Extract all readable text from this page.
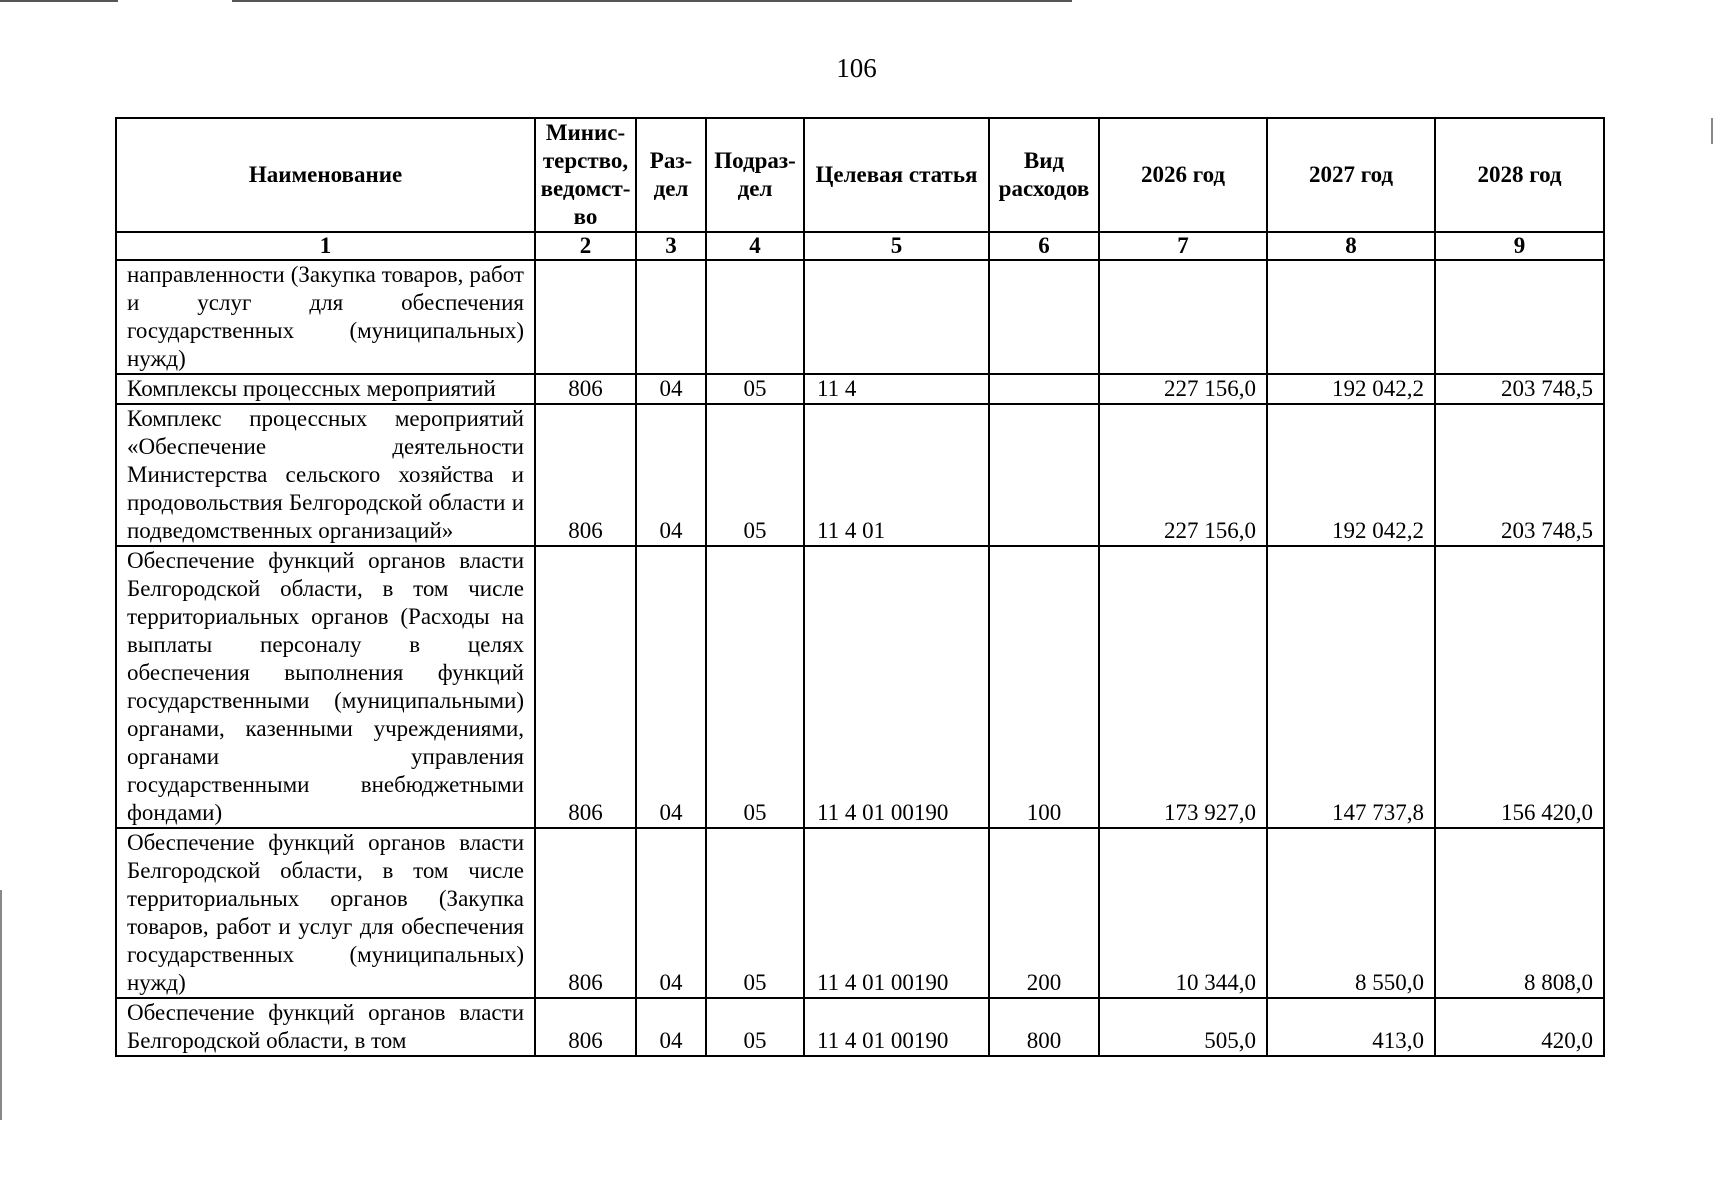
106
Наименование	Минис-терство, ведомст-во	Раз-дел	Подраз-дел	Целевая статья	Вид расходов	2026 год	2027 год	2028 год
1	2	3	4	5	6	7	8	9
направленности (Закупка товаров, работ и услуг для обеспечения государственных (муниципальных) нужд)								
Комплексы процессных мероприятий	806	04	05	11 4		227 156,0	192 042,2	203 748,5
Комплекс процессных мероприятий «Обеспечение деятельности Министерства сельского хозяйства и продовольствия Белгородской области и подведомственных организаций»	806	04	05	11 4 01		227 156,0	192 042,2	203 748,5
Обеспечение функций органов власти Белгородской области, в том числе территориальных органов (Расходы на выплаты персоналу в целях обеспечения выполнения функций государственными (муниципальными) органами, казенными учреждениями, органами управления государственными внебюджетными фондами)	806	04	05	11 4 01 00190	100	173 927,0	147 737,8	156 420,0
Обеспечение функций органов власти Белгородской области, в том числе территориальных органов (Закупка товаров, работ и услуг для обеспечения государственных (муниципальных) нужд)	806	04	05	11 4 01 00190	200	10 344,0	8 550,0	8 808,0
Обеспечение функций органов власти Белгородской области, в том	806	04	05	11 4 01 00190	800	505,0	413,0	420,0
